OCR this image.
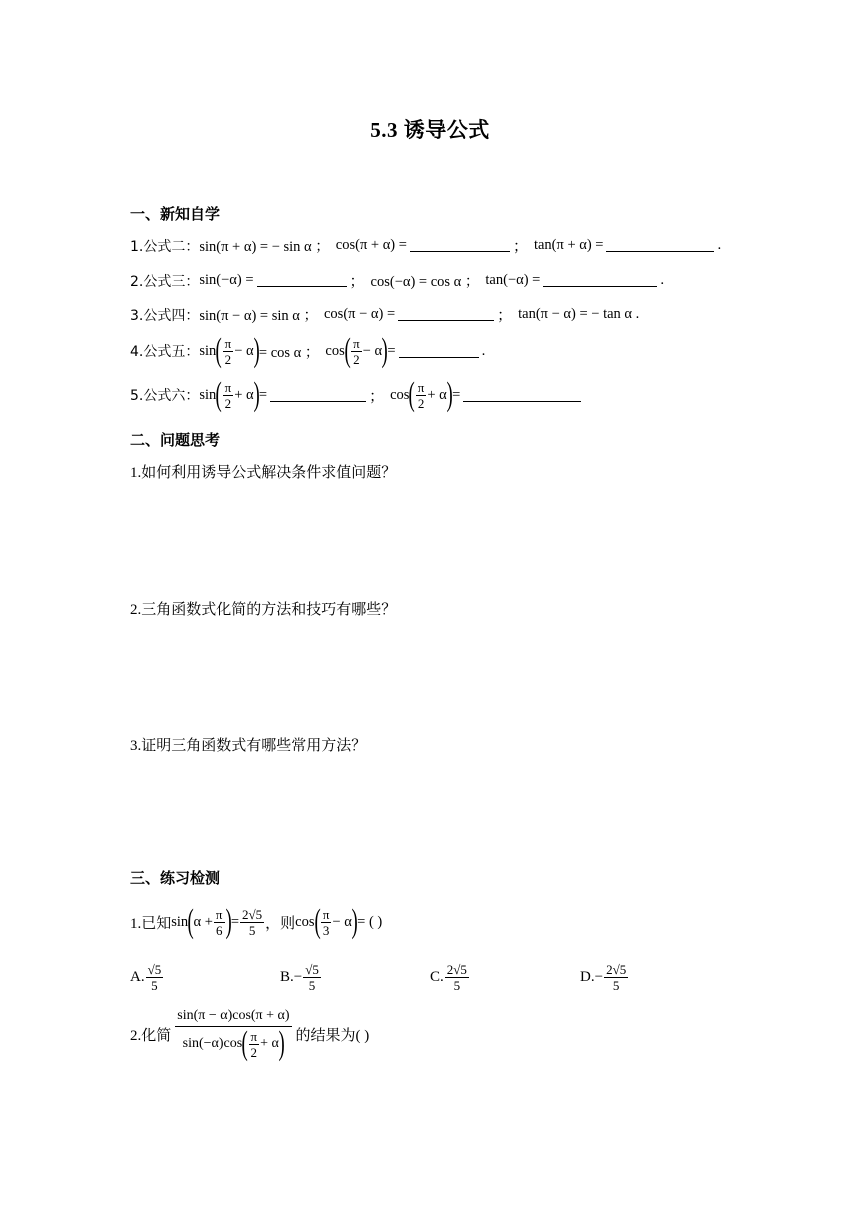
5.3 诱导公式
一、新知自学
1.公式二： sin(π + α) = − sin α ； cos(π + α) =	； tan(π + α) =	.
2.公式三： sin(−α) =	； cos(−α) = cos α ； tan(−α) =	.
3.公式四： sin(π − α) = sin α ； cos(π − α) =	； tan(π − α) = − tan α .
4.公式五： sin ( $\frac{\pi}{2} - \alpha$ ) = cos α ； cos ( $\frac{\pi}{2} - \alpha$ ) =	.
5.公式六： sin ( $\frac{\pi}{2} + \alpha$ ) =	； cos ( $\frac{\pi}{2} + \alpha$ ) =
二、问题思考
1.如何利用诱导公式解决条件求值问题？
2.三角函数式化简的方法和技巧有哪些？
3.证明三角函数式有哪些常用方法？
三、练习检测
1.已知 sin ( $\alpha + \frac{\pi}{6}$ ) = $\frac{2√5}{5}$ ，则 cos ( $\frac{\pi}{3} - \alpha$ ) = ( )
A. $\frac{√5}{5}$	B. − $\frac{√5}{5}$	C. $\frac{2√5}{5}$	D. − $\frac{2√5}{5}$
2.化简
sin(π − α)cos(π + α)
sin(−α)cos ( $\frac{\pi}{2} + \alpha$ ) 的结果为( )
